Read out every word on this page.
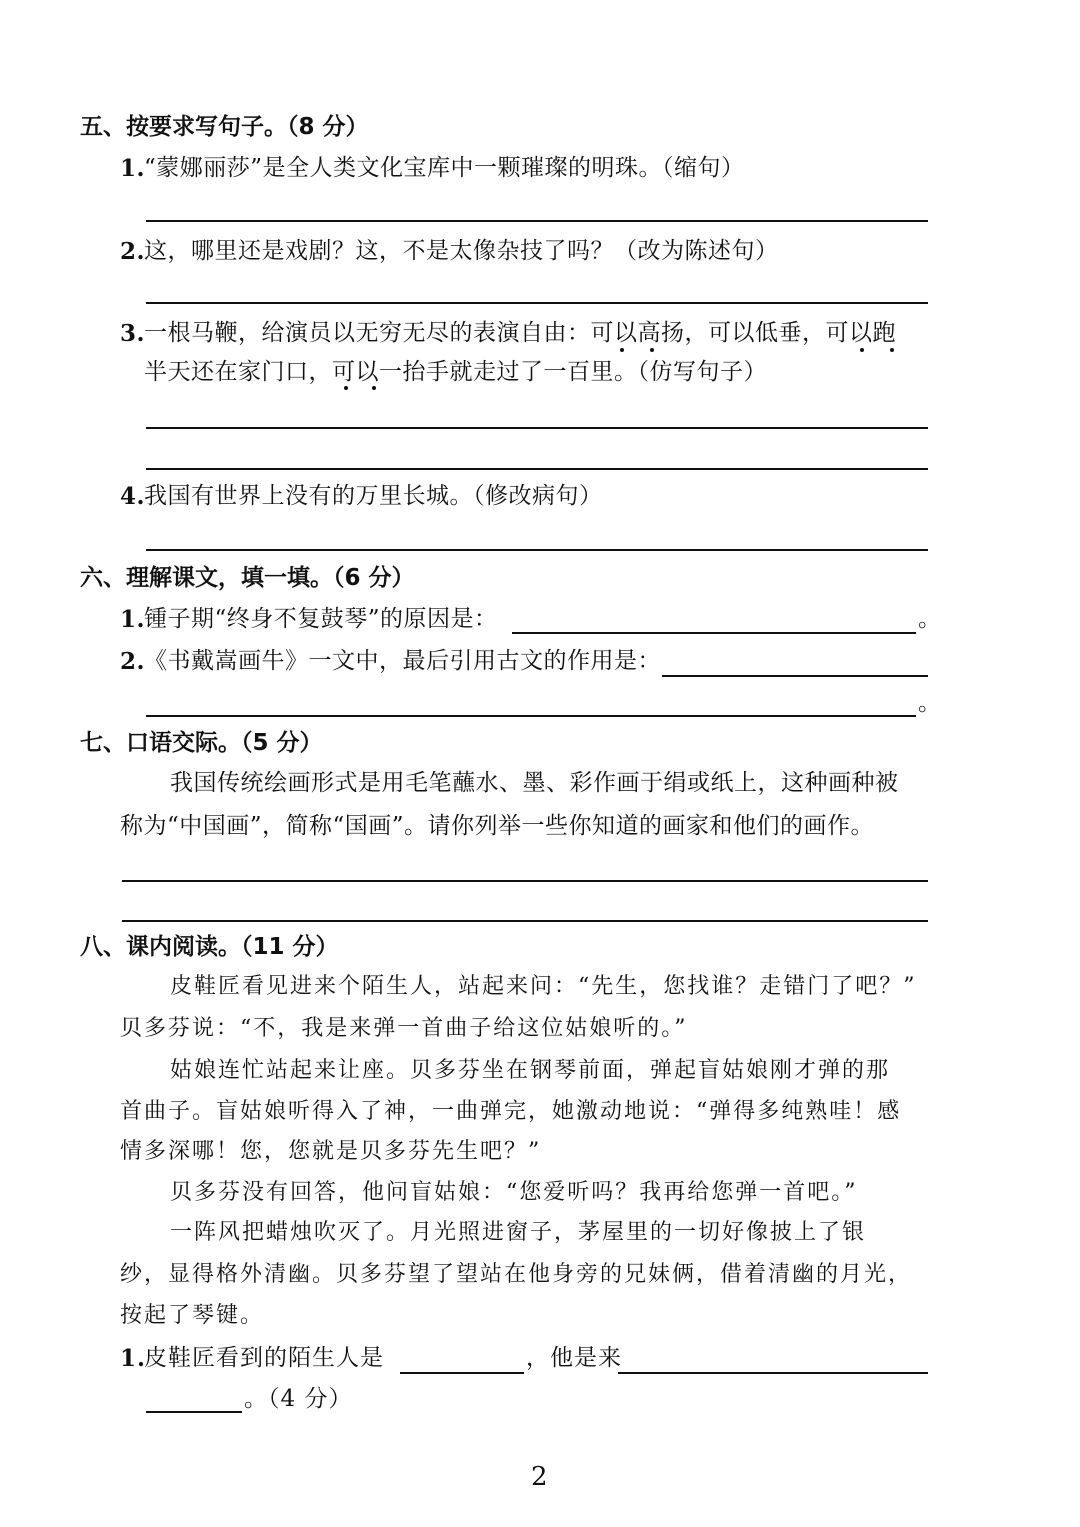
五、按要求写句子。（8 分）
1.
“蒙娜丽莎”是全人类文化宝库中一颗璀璨的明珠。（缩句）
2.
这，哪里还是戏剧？这，不是太像杂技了吗？（改为陈述句）
3.
一根马鞭，给演员以无穷无尽的表演自由：可以高扬，可以低垂，可以跑
半天还在家门口，可以一抬手就走过了一百里。（仿写句子）
4.
我国有世界上没有的万里长城。（修改病句）
六、理解课文，填一填。（6 分）
1.
锺子期“终身不复鼓琴”的原因是：	。
2.
《书戴嵩画牛》一文中，最后引用古文的作用是：
。
七、口语交际。（5 分）
我国传统绘画形式是用毛笔蘸水、墨、彩作画于绢或纸上，这种画种被
称为“中国画”，简称“国画”。请你列举一些你知道的画家和他们的画作。
八、课内阅读。（11 分）
皮鞋匠看见进来个陌生人，站起来问：“先生，您找谁？走错门了吧？”
贝多芬说：“不，我是来弹一首曲子给这位姑娘听的。”
姑娘连忙站起来让座。贝多芬坐在钢琴前面，弹起盲姑娘刚才弹的那
首曲子。盲姑娘听得入了神，一曲弹完，她激动地说：“弹得多纯熟哇！感
情多深哪！您，您就是贝多芬先生吧？”
贝多芬没有回答，他问盲姑娘：“您爱听吗？我再给您弹一首吧。”
一阵风把蜡烛吹灭了。月光照进窗子，茅屋里的一切好像披上了银
纱，显得格外清幽。贝多芬望了望站在他身旁的兄妹俩，借着清幽的月光，
按起了琴键。
1.
皮鞋匠看到的陌生人是	，他是来
。（4 分）
2
